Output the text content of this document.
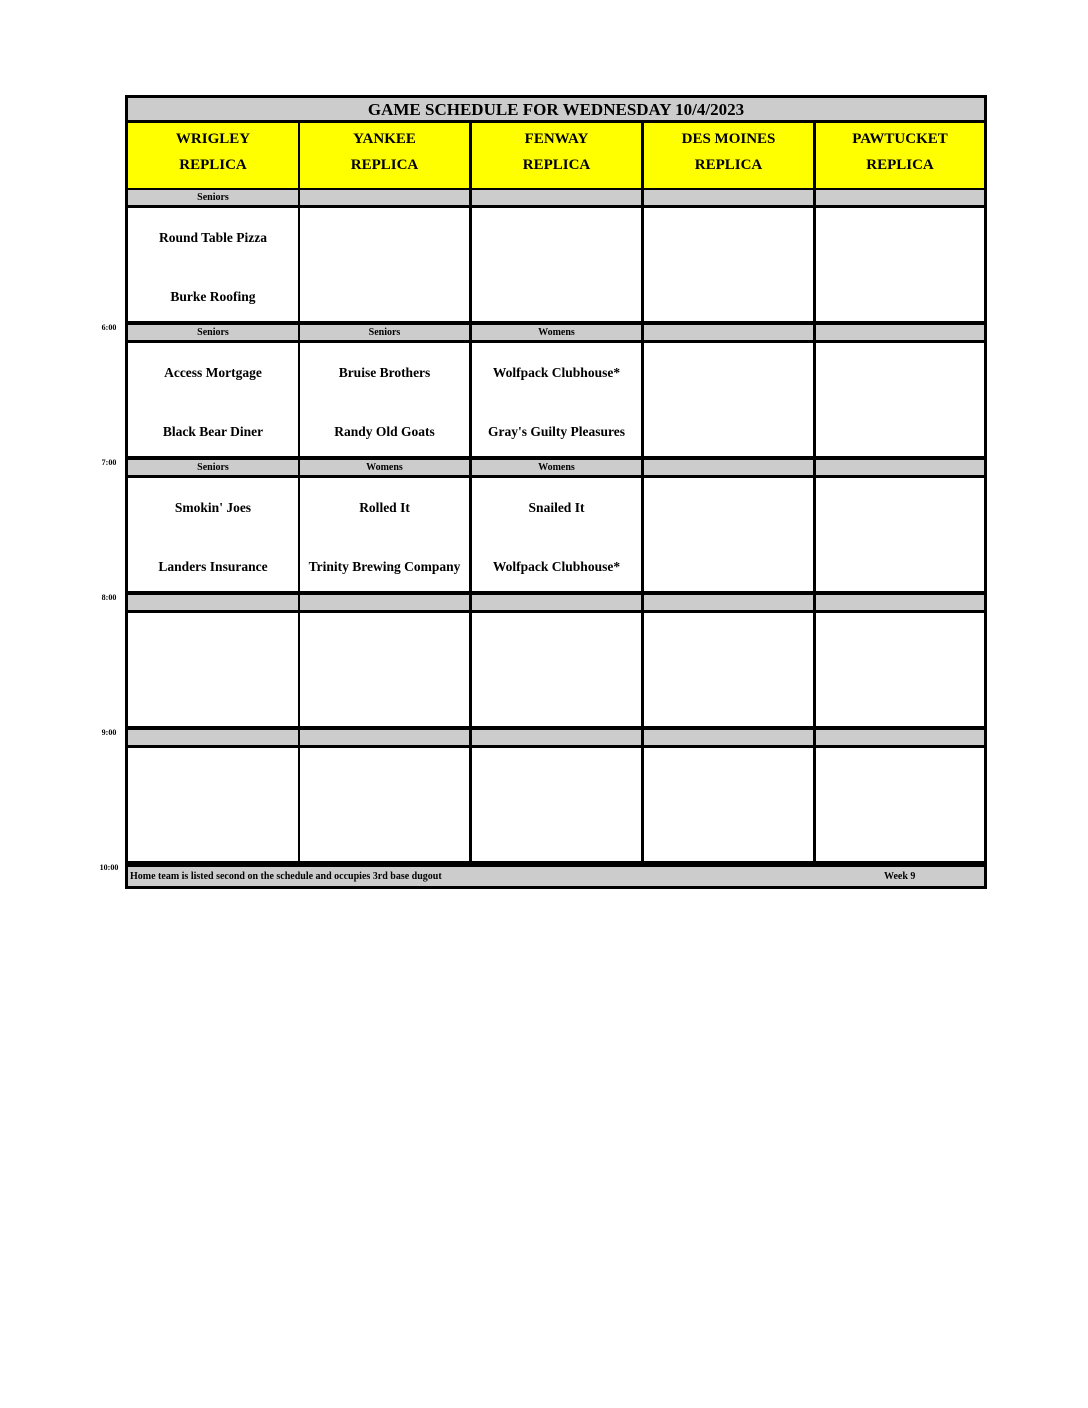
6:00
7:00
8:00
9:00
10:00
GAME SCHEDULE FOR WEDNESDAY 10/4/2023
WRIGLEY
REPLICA
YANKEE
REPLICA
FENWAY
REPLICA
DES MOINES
REPLICA
PAWTUCKET
REPLICA
Seniors
Round Table Pizza
Burke Roofing
Seniors
Access Mortgage
Black Bear Diner
Seniors
Bruise Brothers
Randy Old Goats
Womens
Wolfpack Clubhouse*
Gray's Guilty Pleasures
Seniors
Smokin' Joes
Landers Insurance
Womens
Rolled It
Trinity Brewing Company
Womens
Snailed It
Wolfpack Clubhouse*
Home team is listed second on the schedule and occupies 3rd base dugout	Week 9
